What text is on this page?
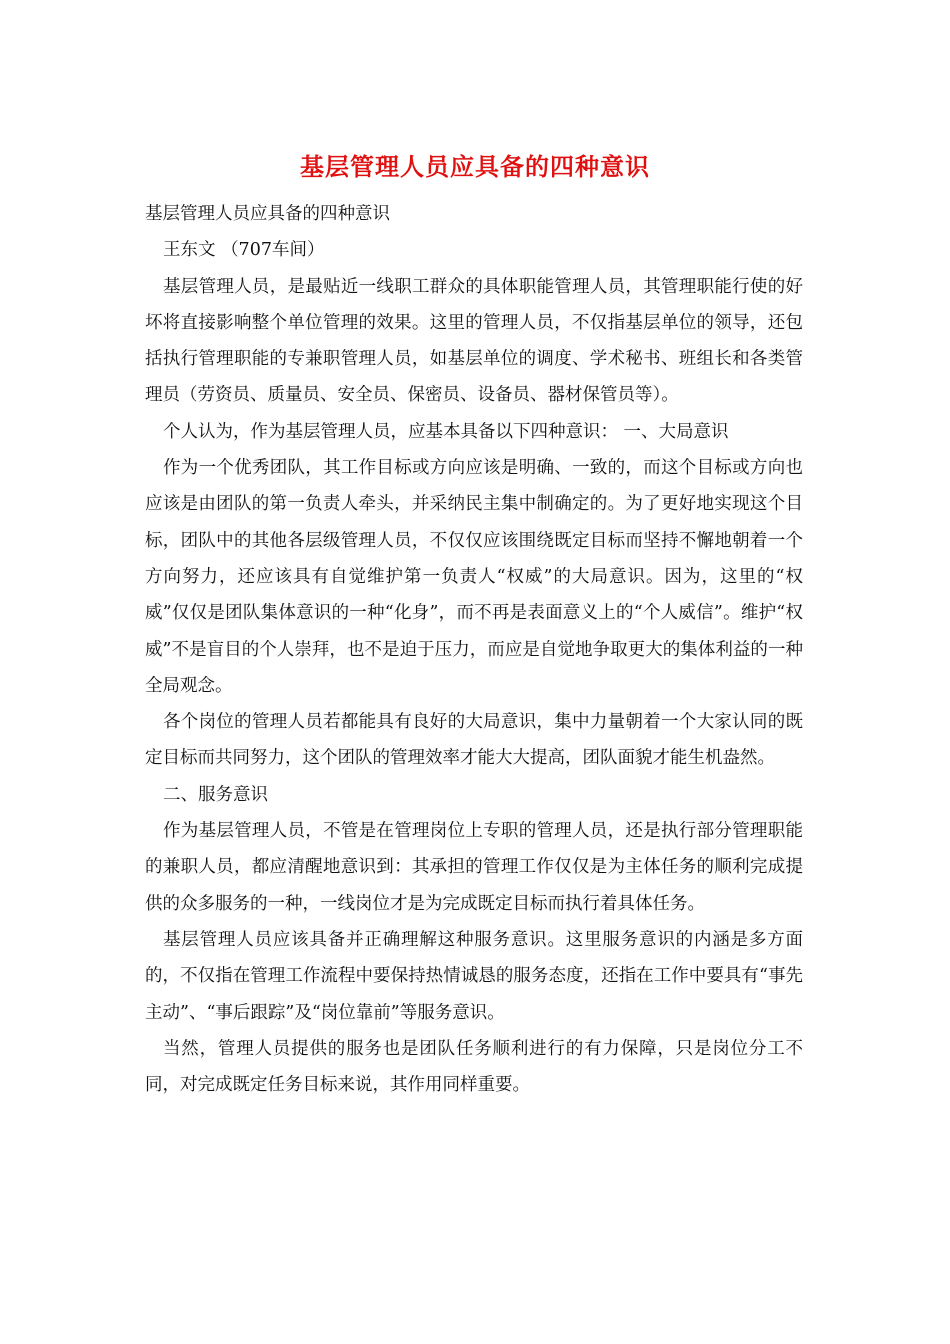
基层管理人员应具备的四种意识

基层管理人员应具备的四种意识

王东文 （707车间）

基层管理人员，是最贴近一线职工群众的具体职能管理人员，其管理职能行使的好坏将直接影响整个单位管理的效果。这里的管理人员，不仅指基层单位的领导，还包括执行管理职能的专兼职管理人员，如基层单位的调度、学术秘书、班组长和各类管理员（劳资员、质量员、安全员、保密员、设备员、器材保管员等）。

个人认为，作为基层管理人员，应基本具备以下四种意识： 一、大局意识

作为一个优秀团队，其工作目标或方向应该是明确、一致的，而这个目标或方向也应该是由团队的第一负责人牵头，并采纳民主集中制确定的。为了更好地实现这个目标，团队中的其他各层级管理人员，不仅仅应该围绕既定目标而坚持不懈地朝着一个方向努力，还应该具有自觉维护第一负责人“权威”的大局意识。因为，这里的“权威”仅仅是团队集体意识的一种“化身”，而不再是表面意义上的“个人威信”。维护“权威”不是盲目的个人崇拜，也不是迫于压力，而应是自觉地争取更大的集体利益的一种全局观念。

各个岗位的管理人员若都能具有良好的大局意识，集中力量朝着一个大家认同的既定目标而共同努力，这个团队的管理效率才能大大提高，团队面貌才能生机盎然。

二、服务意识

作为基层管理人员，不管是在管理岗位上专职的管理人员，还是执行部分管理职能的兼职人员，都应清醒地意识到：其承担的管理工作仅仅是为主体任务的顺利完成提供的众多服务的一种，一线岗位才是为完成既定目标而执行着具体任务。

基层管理人员应该具备并正确理解这种服务意识。这里服务意识的内涵是多方面的，不仅指在管理工作流程中要保持热情诚恳的服务态度，还指在工作中要具有“事先主动”、“事后跟踪”及“岗位靠前”等服务意识。

当然，管理人员提供的服务也是团队任务顺利进行的有力保障，只是岗位分工不同，对完成既定任务目标来说，其作用同样重要。
